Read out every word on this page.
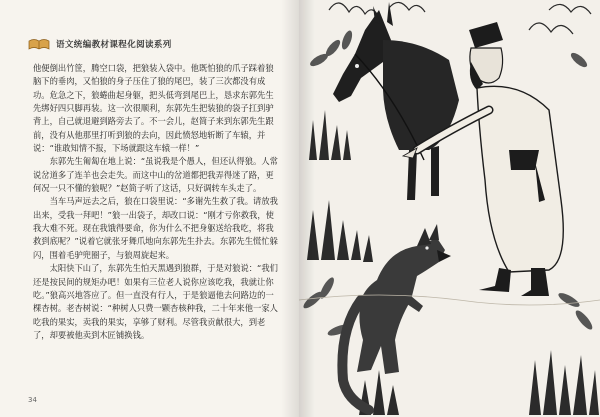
语文统编教材课程化阅读系列

他便倒出竹筐，腾空口袋，把狼装入袋中。他既怕狼的爪子踩着狼脑下的垂肉，又怕狼的身子压住了狼的尾巴，装了三次都没有成功。危急之下，狼蜷曲起身躯，把头低弯到尾巴上，恳求东郭先生先绑好四只脚再装。这一次很顺利，东郭先生把装狼的袋子扛到驴背上，自己就退避到路旁去了。不一会儿，赵简子来到东郭先生跟前，没有从他那里打听到狼的去向，因此愤怒地斩断了车辕，并说：“谁敢知情不报，下场就跟这车辕一样！”

东郭先生匍匐在地上说：“虽说我是个愚人，但还认得狼。人常说岔道多了连羊也会走失。而这中山的岔道都把我弄得迷了路，更何况一只不懂的狼呢？”赵简子听了这话，只好调转车头走了。

当车马声远去之后，狼在口袋里说：“多谢先生救了我。请放我出来，受我一拜吧！”狼一出袋子，却改口说：“刚才亏你救我，使我大难不死。现在我饿得要命，你为什么不把身躯送给我吃，将我救到底呢？”说着它就张牙舞爪地向东郭先生扑去。东郭先生慌忙躲闪，围着毛驴兜圈子，与狼周旋起来。

太阳快下山了，东郭先生怕天黑遇到狼群，于是对狼说：“我们还是按民间的规矩办吧！如果有三位老人说你应该吃我，我就让你吃。”狼高兴地答应了。但一直没有行人，于是狼逼他去问路边的一棵杏树。老杏树说：“种树人只费一颗杏核种我，二十年来他一家人吃我的果实，卖我的果实，享够了财利。尽管我贡献很大，到老了，却要被他卖到木匠铺换钱。

34
